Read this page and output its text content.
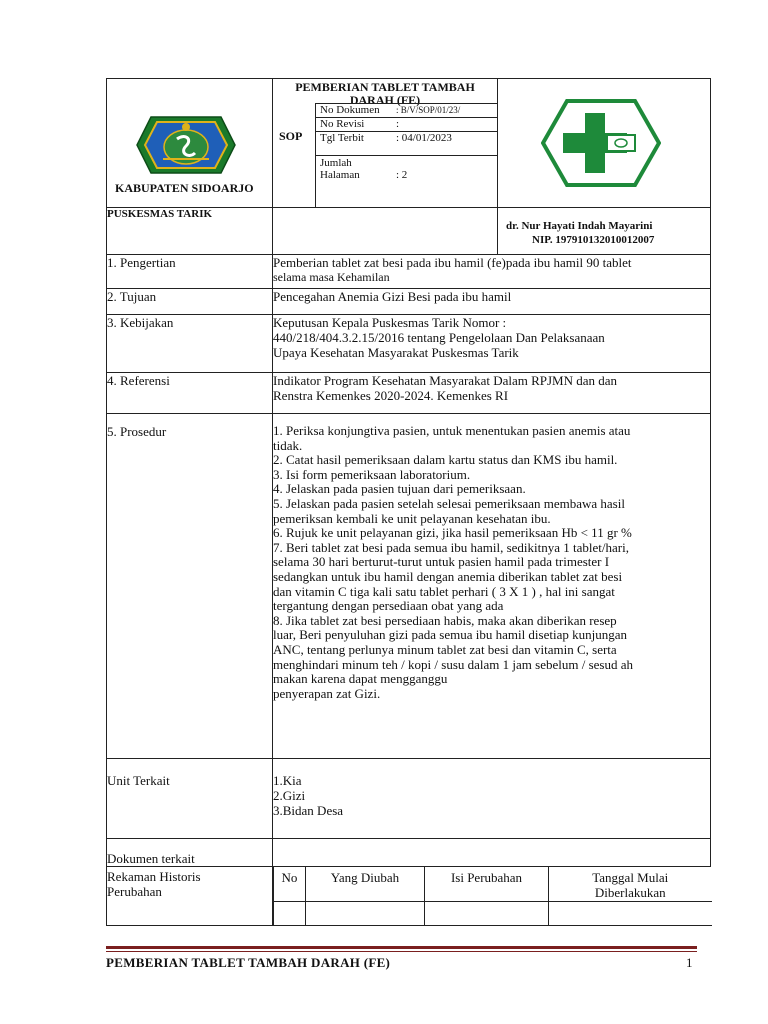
KABUPATEN SIDOARJO

PEMBERIAN TABLET TAMBAH
DARAH (FE)
SOP
No Dokumen : B/V/SOP/01/23/
No Revisi	:
Tgl Terbit	: 04/01/2023
Jumlah
Halaman	: 2

PUSKESMAS TARIK		
dr. Nur Hayati Indah Mayarini
NIP. 197910132010012007

1. Pengertian	Pemberian tablet zat besi pada ibu hamil (fe)pada ibu hamil 90 tablet
selama masa Kehamilan

2. Tujuan	Pencegahan Anemia Gizi Besi pada ibu hamil
3. Kebijakan	Keputusan Kepala Puskesmas Tarik Nomor :
440/218/404.3.2.15/2016 tentang Pengelolaan Dan Pelaksanaan
Upaya Kesehatan Masyarakat Puskesmas Tarik

4. Referensi	Indikator Program Kesehatan Masyarakat Dalam RPJMN dan dan
Renstra Kemenkes 2020-2024. Kemenkes RI

5. Prosedur	1. Periksa konjungtiva pasien, untuk menentukan pasien anemis atau
tidak.
2. Catat hasil pemeriksaan dalam kartu status dan KMS ibu hamil.
3. Isi form pemeriksaan laboratorium.
4. Jelaskan pada pasien tujuan dari pemeriksaan.
5. Jelaskan pada pasien setelah selesai pemeriksaan membawa hasil
pemeriksan kembali ke unit pelayanan kesehatan ibu.
6. Rujuk ke unit pelayanan gizi, jika hasil pemeriksaan Hb < 11 gr %
7. Beri tablet zat besi pada semua ibu hamil, sedikitnya 1 tablet/hari,
selama 30 hari berturut-turut untuk pasien hamil pada trimester I
sedangkan untuk ibu hamil dengan anemia diberikan tablet zat besi
dan vitamin C tiga kali satu tablet perhari ( 3 X 1 ) , hal ini sangat
tergantung dengan persediaan obat yang ada
8. Jika tablet zat besi persediaan habis, maka akan diberikan resep
luar, Beri penyuluhan gizi pada semua ibu hamil disetiap kunjungan
ANC, tentang perlunya minum tablet zat besi dan vitamin C, serta
menghindari minum teh / kopi / susu dalam 1 jam sebelum / sesud ah
makan karena dapat mengganggu
penyerapan zat Gizi.

Unit Terkait	1.Kia
2.Gizi
3.Bidan Desa

Dokumen terkait	

Rekaman Historis
Perubahan

No	Yang Diubah	Isi Perubahan	Tanggal Mulai
Diberlakukan

PEMBERIAN TABLET TAMBAH DARAH (FE)	1
